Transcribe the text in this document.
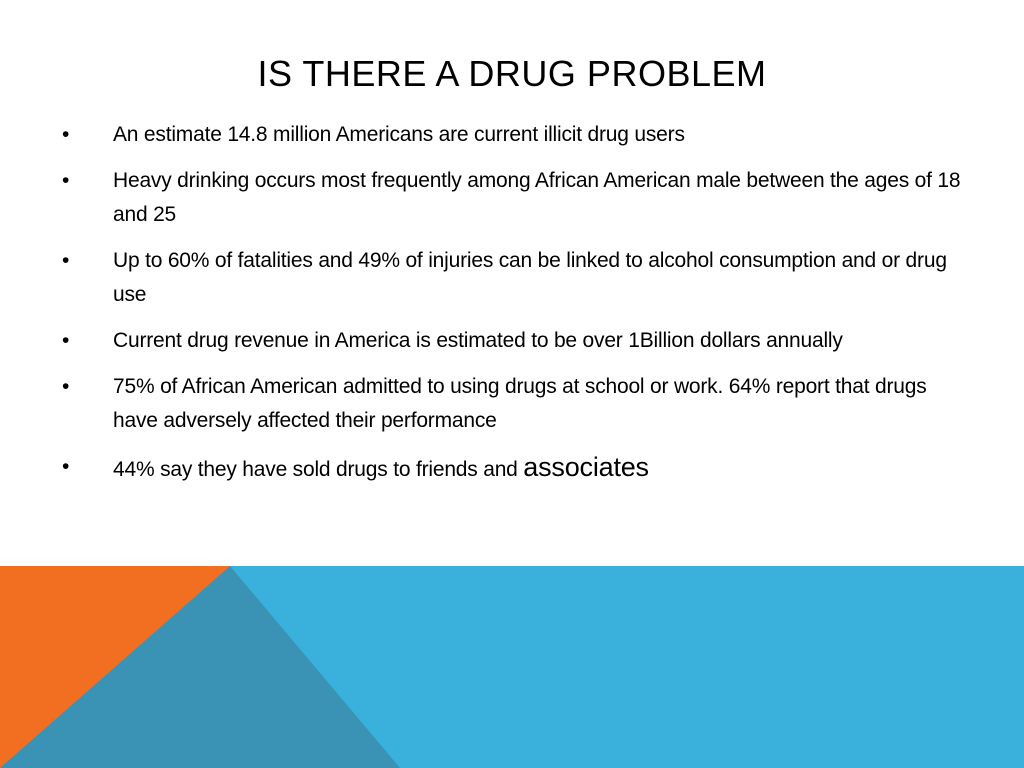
IS THERE A DRUG PROBLEM
• An estimate 14.8 million Americans are current illicit drug users
• Heavy drinking occurs most frequently among African American male between the ages of 18 and 25
• Up to 60% of fatalities and 49% of injuries can be linked to alcohol consumption and or drug use
• Current drug revenue in America is estimated to be over 1Billion dollars annually
• 75% of African American admitted to using drugs at school or work. 64% report that drugs have adversely affected their performance
• 44% say they have sold drugs to friends and associates
